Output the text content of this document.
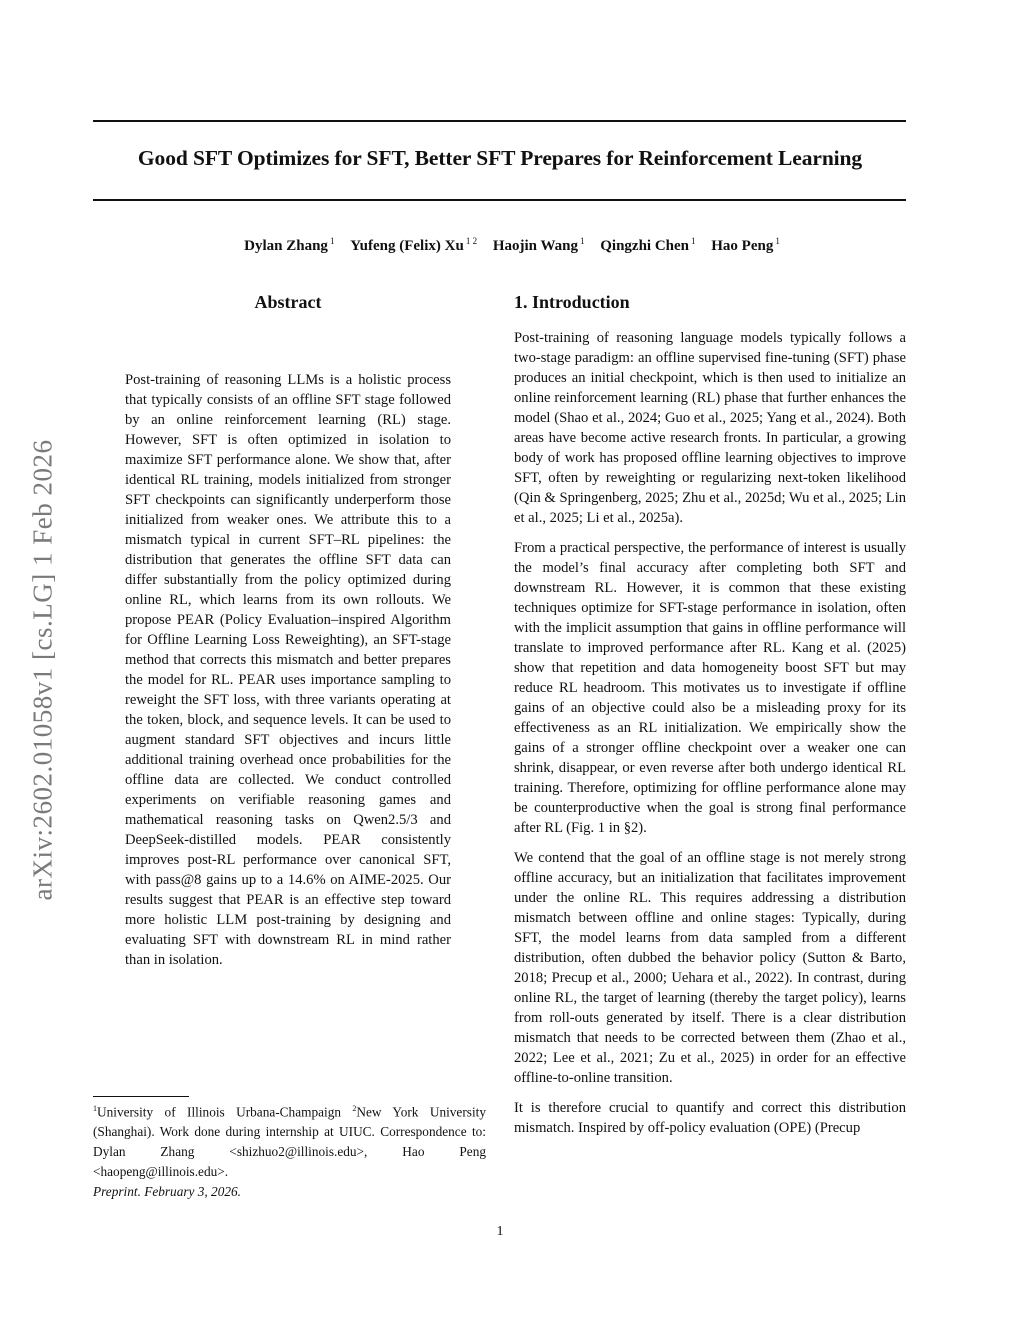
arXiv:2602.01058v1 [cs.LG] 1 Feb 2026
Good SFT Optimizes for SFT, Better SFT Prepares for Reinforcement Learning
Dylan Zhang $^1$ Yufeng (Felix) Xu $^{1 2}$ Haojin Wang $^1$ Qingzhi Chen $^1$ Hao Peng $^1$
Abstract
Post-training of reasoning LLMs is a holistic process that typically consists of an offline SFT stage followed by an online reinforcement learning (RL) stage. However, SFT is often optimized in isolation to maximize SFT performance alone. We show that, after identical RL training, models initialized from stronger SFT checkpoints can significantly underperform those initialized from weaker ones. We attribute this to a mismatch typical in current SFT–RL pipelines: the distribution that generates the offline SFT data can differ substantially from the policy optimized during online RL, which learns from its own rollouts. We propose PEAR (Policy Evaluation–inspired Algorithm for Offline Learning Loss Reweighting), an SFT-stage method that corrects this mismatch and better prepares the model for RL. PEAR uses importance sampling to reweight the SFT loss, with three variants operating at the token, block, and sequence levels. It can be used to augment standard SFT objectives and incurs little additional training overhead once probabilities for the offline data are collected. We conduct controlled experiments on verifiable reasoning games and mathematical reasoning tasks on Qwen2.5/3 and DeepSeek-distilled models. PEAR consistently improves post-RL performance over canonical SFT, with pass@8 gains up to a 14.6% on AIME-2025. Our results suggest that PEAR is an effective step toward more holistic LLM post-training by designing and evaluating SFT with downstream RL in mind rather than in isolation.
$^1$University of Illinois Urbana-Champaign $^2$New York University (Shanghai). Work done during internship at UIUC. Correspondence to: Dylan Zhang <shizhuo2@illinois.edu>, Hao Peng <haopeng@illinois.edu>.
Preprint. February 3, 2026.
1. Introduction

Post-training of reasoning language models typically follows a two-stage paradigm: an offline supervised fine-tuning (SFT) phase produces an initial checkpoint, which is then used to initialize an online reinforcement learning (RL) phase that further enhances the model (Shao et al., 2024; Guo et al., 2025; Yang et al., 2024). Both areas have become active research fronts. In particular, a growing body of work has proposed offline learning objectives to improve SFT, often by reweighting or regularizing next-token likelihood (Qin & Springenberg, 2025; Zhu et al., 2025d; Wu et al., 2025; Lin et al., 2025; Li et al., 2025a).

From a practical perspective, the performance of interest is usually the model’s final accuracy after completing both SFT and downstream RL. However, it is common that these existing techniques optimize for SFT-stage performance in isolation, often with the implicit assumption that gains in offline performance will translate to improved performance after RL. Kang et al. (2025) show that repetition and data homogeneity boost SFT but may reduce RL headroom. This motivates us to investigate if offline gains of an objective could also be a misleading proxy for its effectiveness as an RL initialization. We empirically show the gains of a stronger offline checkpoint over a weaker one can shrink, disappear, or even reverse after both undergo identical RL training. Therefore, optimizing for offline performance alone may be counterproductive when the goal is strong final performance after RL (Fig. 1 in §2).

We contend that the goal of an offline stage is not merely strong offline accuracy, but an initialization that facilitates improvement under the online RL. This requires addressing a distribution mismatch between offline and online stages: Typically, during SFT, the model learns from data sampled from a different distribution, often dubbed the behavior policy (Sutton & Barto, 2018; Precup et al., 2000; Uehara et al., 2022). In contrast, during online RL, the target of learning (thereby the target policy), learns from roll-outs generated by itself. There is a clear distribution mismatch that needs to be corrected between them (Zhao et al., 2022; Lee et al., 2021; Zu et al., 2025) in order for an effective offline-to-online transition.

It is therefore crucial to quantify and correct this distribution mismatch. Inspired by off-policy evaluation (OPE) (Precup

1
